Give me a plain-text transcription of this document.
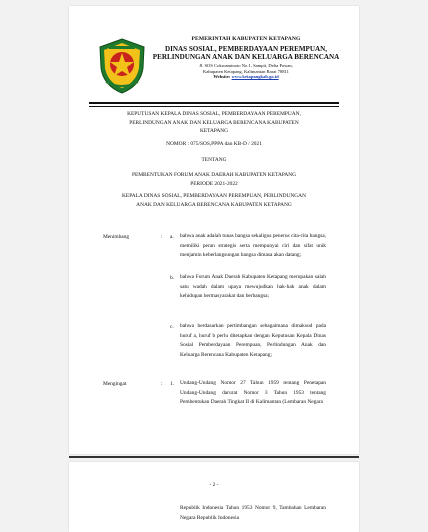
PEMERINTAH KABUPATEN KETAPANG
DINAS SOSIAL, PEMBERDAYAAN PEREMPUAN,
PERLINDUNGAN ANAK DAN KELUARGA BERENCANA
Jl. SOS Cokroaminoto No.1, Sampit, Delta Pawan,
Kabupaten Ketapang, Kalimantan Barat 78811
Website: www.ketapangkab.go.id
KEPUTUSAN KEPALA DINAS SOSIAL, PEMBERDAYAAN PEREMPUAN,
PERLINDUNGAN ANAK DAN KELUARGA BERENCANA KABUPATEN
KETAPANG
NOMOR : 075/SOS,PPPA dan KB-D / 2021
TENTANG
PEMBENTUKAN FORUM ANAK DAERAH KABUPATEN KETAPANG
PERIODE 2021-2022
KEPALA DINAS SOSIAL, PEMBERDAYAAN PEREMPUAN, PERLINDUNGAN
ANAK DAN KELUARGA BERENCANA KABUPATEN KETAPANG
Menimbang	: a. bahwa anak adalah tunas bangsa sekaligus penerus cita-cita bangsa, memiliki peran strategis serta mempunyai ciri dan sifat unik menjamin keberlangsungan bangsa dimasa akan datang;
b. bahwa Forum Anak Daerah Kabupaten Ketapang merupakan salah satu wadah dalam upaya mewujudkan hak-hak anak dalam kehidupan bermasyarakat dan berbangsa;
c. bahwa berdasarkan pertimbangan sebagaimana dimaksud pada huruf a, huruf b perlu ditetapkan dengan Keputusan Kepala Dinas Sosial Pemberdayaan Perempuan, Perlindungan Anak dan Keluarga Berencana Kabupaten Ketapang;
Mengingat	: 1. Undang-Undang Nomor 27 Tahun 1959 tentang Penetapan Undang-Undang darurat Nomor 3 Tahun 1953 tentang Pembentukan Daerah Tingkat II di Kalimantan (Lembaran Negara
- 2 -
Republik Indonesia Tahun 1953 Nomor 9, Tambahan Lembaran Negara Republik Indonesia
